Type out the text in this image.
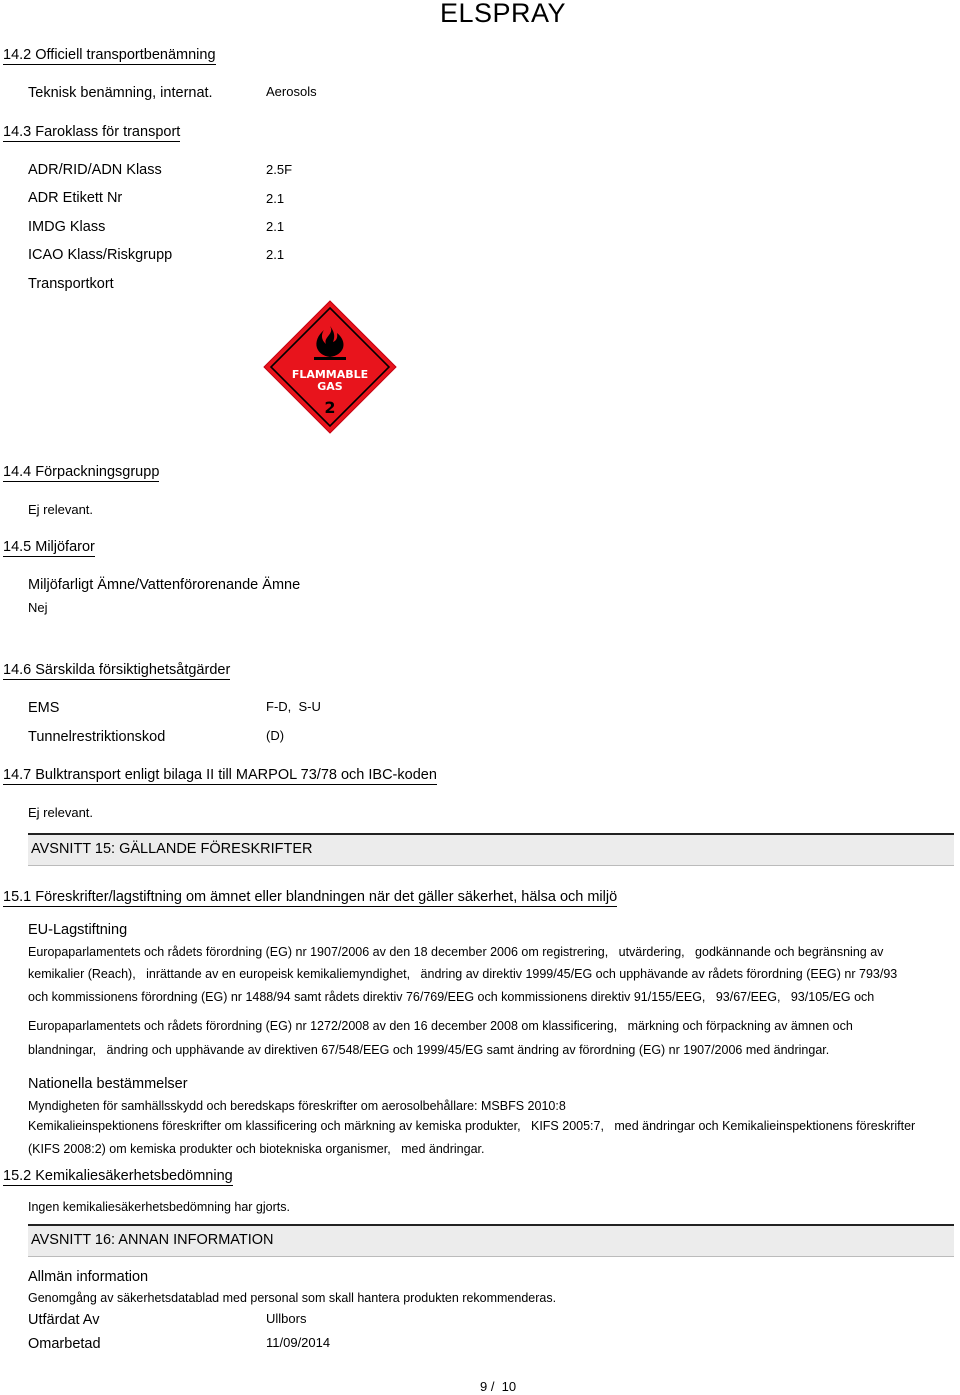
ELSPRAY
14.2 Officiell transportbenämning
Teknisk benämning, internat.	Aerosols
14.3 Faroklass för transport
ADR/RID/ADN Klass	2.5F
ADR Etikett Nr	2.1
IMDG Klass	2.1
ICAO Klass/Riskgrupp	2.1
Transportkort
FLAMMABLE
GAS
2
14.4 Förpackningsgrupp
Ej relevant.
14.5 Miljöfaror
Miljöfarligt Ämne/Vattenförorenande Ämne
Nej
14.6 Särskilda försiktighetsåtgärder
EMS	F-D,  S-U
Tunnelrestriktionskod	(D)
14.7 Bulktransport enligt bilaga II till MARPOL 73/78 och IBC-koden
Ej relevant.
AVSNITT 15: GÄLLANDE FÖRESKRIFTER
15.1 Föreskrifter/lagstiftning om ämnet eller blandningen när det gäller säkerhet, hälsa och miljö
EU-Lagstiftning
Europaparlamentets och rådets förordning (EG) nr 1907/2006 av den 18 december 2006 om registrering,   utvärdering,   godkännande och begränsning av
kemikalier (Reach),   inrättande av en europeisk kemikaliemyndighet,   ändring av direktiv 1999/45/EG och upphävande av rådets förordning (EEG) nr 793/93
och kommissionens förordning (EG) nr 1488/94 samt rådets direktiv 76/769/EEG och kommissionens direktiv 91/155/EEG,   93/67/EEG,   93/105/EG och
Europaparlamentets och rådets förordning (EG) nr 1272/2008 av den 16 december 2008 om klassificering,   märkning och förpackning av ämnen och
blandningar,   ändring och upphävande av direktiven 67/548/EEG och 1999/45/EG samt ändring av förordning (EG) nr 1907/2006 med ändringar.
Nationella bestämmelser
Myndigheten för samhällsskydd och beredskaps föreskrifter om aerosolbehållare: MSBFS 2010:8
Kemikalieinspektionens föreskrifter om klassificering och märkning av kemiska produkter,   KIFS 2005:7,   med ändringar och Kemikalieinspektionens föreskrifter
(KIFS 2008:2) om kemiska produkter och biotekniska organismer,   med ändringar.
15.2 Kemikaliesäkerhetsbedömning
Ingen kemikaliesäkerhetsbedömning har gjorts.
AVSNITT 16: ANNAN INFORMATION
Allmän information
Genomgång av säkerhetsdatablad med personal som skall hantera produkten rekommenderas.
Utfärdat Av	Ullbors
Omarbetad	11/09/2014
9 /  10
